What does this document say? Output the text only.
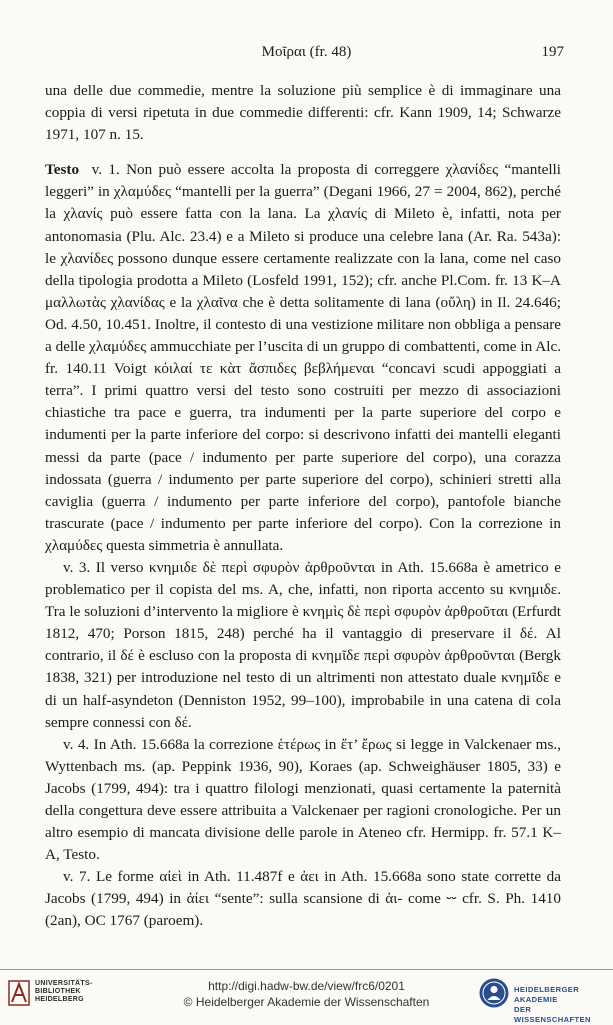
Μοῖραι (fr. 48)	197

una delle due commedie, mentre la soluzione più semplice è di immaginare una coppia di versi ripetuta in due commedie differenti: cfr. Kann 1909, 14; Schwarze 1971, 107 n. 15.

Testo v. 1. Non può essere accolta la proposta di correggere χλανίδες “mantelli leggeri” in χλαμύδες “mantelli per la guerra” (Degani 1966, 27 = 2004, 862), perché la χλανίς può essere fatta con la lana. La χλανίς di Mileto è, infatti, nota per antonomasia (Plu. Alc. 23.4) e a Mileto si produce una celebre lana (Ar. Ra. 543a): le χλανίδες possono dunque essere certamente realizzate con la lana, come nel caso della tipologia prodotta a Mileto (Losfeld 1991, 152); cfr. anche Pl.Com. fr. 13 K–A μαλλωτὰς χλανίδας e la χλαῖνα che è detta solitamente di lana (οὔλη) in Il. 24.646; Od. 4.50, 10.451. Inoltre, il contesto di una vestizione militare non obbliga a pensare a delle χλαμύδες ammucchiate per l’uscita di un gruppo di combattenti, come in Alc. fr. 140.11 Voigt κόιλαί τε κὰτ ἄσπιδες βεβλήμεναι “concavi scudi appoggiati a terra”. I primi quattro versi del testo sono costruiti per mezzo di associazioni chiastiche tra pace e guerra, tra indumenti per la parte superiore del corpo e indumenti per la parte inferiore del corpo: si descrivono infatti dei mantelli eleganti messi da parte (pace / indumento per parte superiore del corpo), una corazza indossata (guerra / indumento per parte superiore del corpo), schinieri stretti alla caviglia (guerra / indumento per parte inferiore del corpo), pantofole bianche trascurate (pace / indumento per parte inferiore del corpo). Con la correzione in χλαμύδες questa simmetria è annullata.

v. 3. Il verso κνημιδε δὲ περὶ σφυρὸν ἀρθροῦνται in Ath. 15.668a è ametrico e problematico per il copista del ms. A, che, infatti, non riporta accento su κνημιδε. Tra le soluzioni d’intervento la migliore è κνημὶς δὲ περὶ σφυρὸν ἀρθροῦται (Erfurdt 1812, 470; Porson 1815, 248) perché ha il vantaggio di preservare il δέ. Al contrario, il δέ è escluso con la proposta di κνημῖδε περὶ σφυρὸν ἀρθροῦνται (Bergk 1838, 321) per introduzione nel testo di un altrimenti non attestato duale κνημῖδε e di un half-asyndeton (Denniston 1952, 99–100), improbabile in una catena di cola sempre connessi con δέ.

v. 4. In Ath. 15.668a la correzione ἑτέρως in ἔτ’ ἔρως si legge in Valckenaer ms., Wyttenbach ms. (ap. Peppink 1936, 90), Koraes (ap. Schweighäuser 1805, 33) e Jacobs (1799, 494): tra i quattro filologi menzionati, quasi certamente la paternità della congettura deve essere attribuita a Valckenaer per ragioni cronologiche. Per un altro esempio di mancata divisione delle parole in Ateneo cfr. Hermipp. fr. 57.1 K–A, Testo.

v. 7. Le forme αἰεὶ in Ath. 11.487f e ἀει in Ath. 15.668a sono state corrette da Jacobs (1799, 494) in ἀίει “sente”: sulla scansione di ἀι- come ⏑⏑ cfr. S. Ph. 1410 (2an), OC 1767 (paroem).

UNIVERSITÄTS-
BIBLIOTHEK
HEIDELBERG
http://digi.hadw-bw.de/view/frc6/0201
© Heidelberger Akademie der Wissenschaften
HEIDELBERGER AKADEMIE
DER WISSENSCHAFTEN
